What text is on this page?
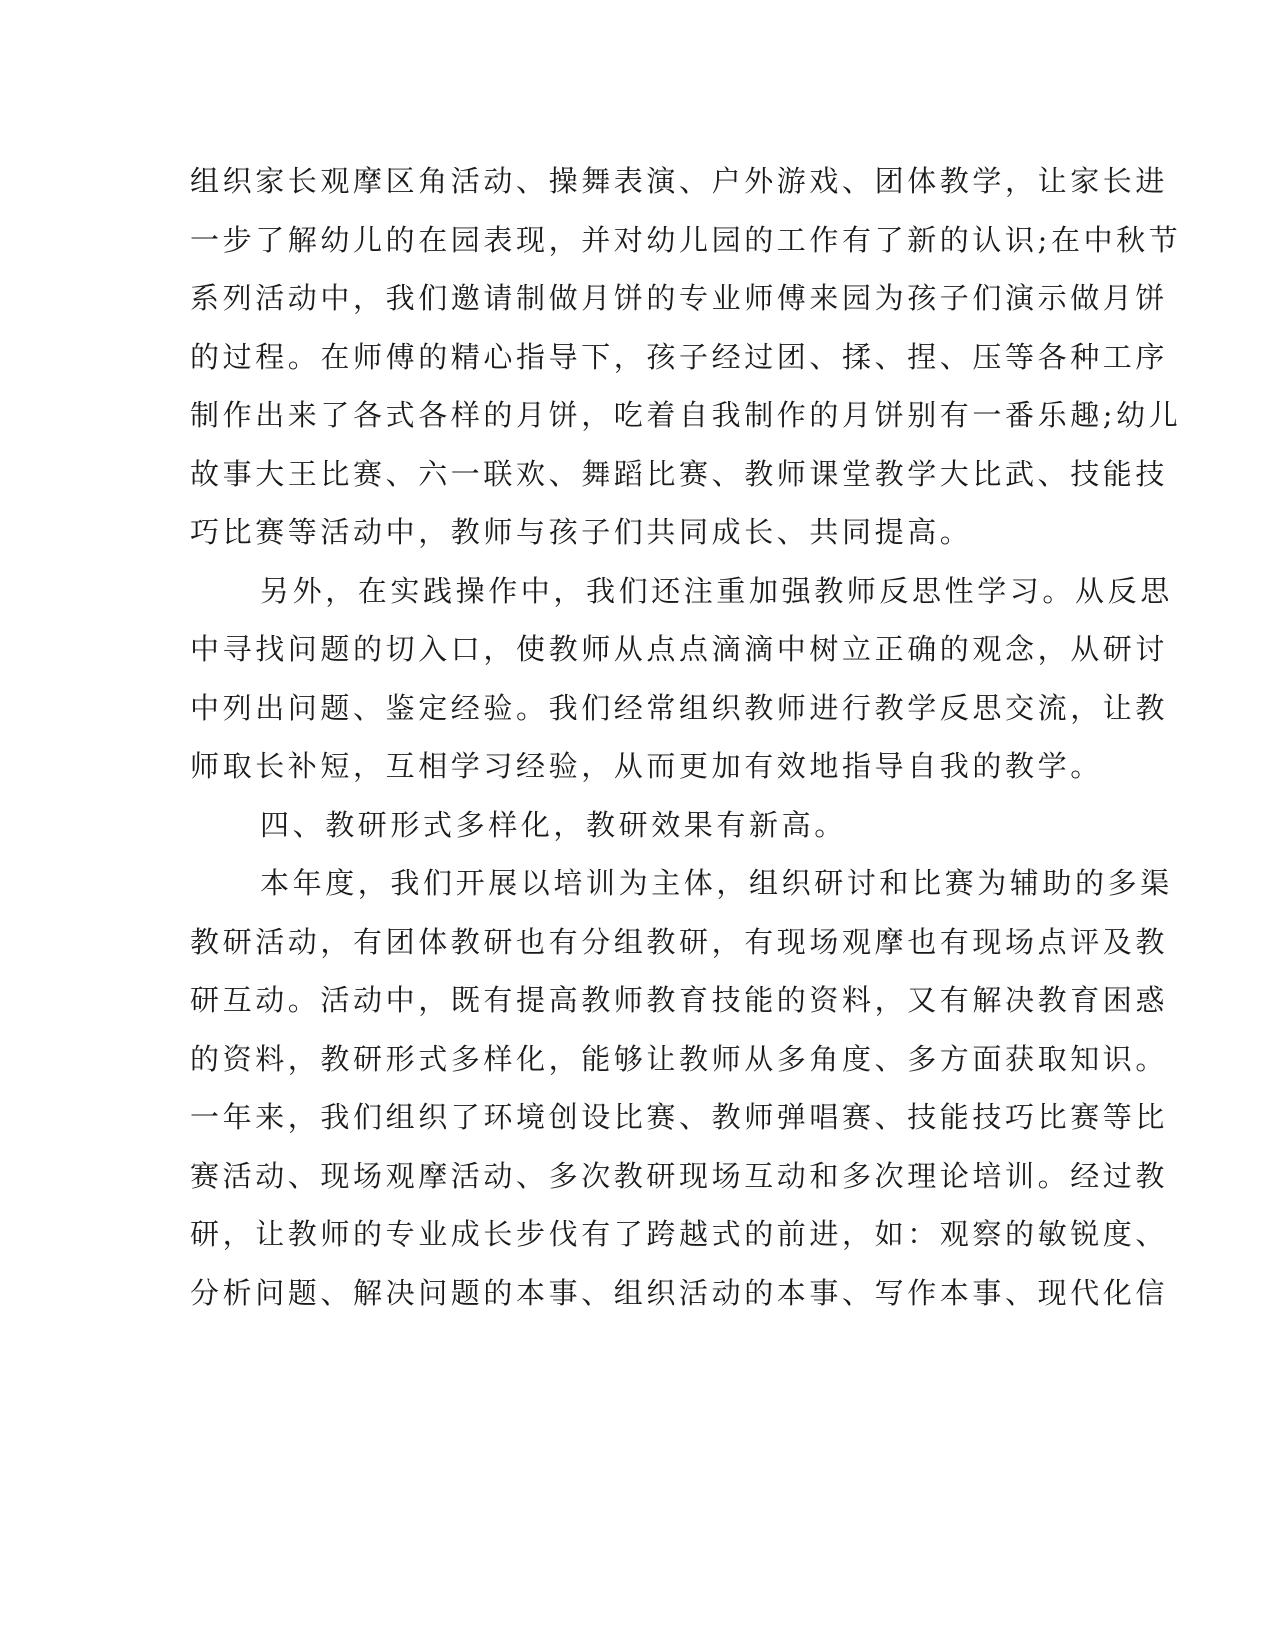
组织家长观摩区角活动、操舞表演、户外游戏、团体教学，让家长进
一步了解幼儿的在园表现，并对幼儿园的工作有了新的认识;在中秋节
系列活动中，我们邀请制做月饼的专业师傅来园为孩子们演示做月饼
的过程。在师傅的精心指导下，孩子经过团、揉、捏、压等各种工序
制作出来了各式各样的月饼，吃着自我制作的月饼别有一番乐趣;幼儿
故事大王比赛、六一联欢、舞蹈比赛、教师课堂教学大比武、技能技
巧比赛等活动中，教师与孩子们共同成长、共同提高。
另外，在实践操作中，我们还注重加强教师反思性学习。从反思
中寻找问题的切入口，使教师从点点滴滴中树立正确的观念，从研讨
中列出问题、鉴定经验。我们经常组织教师进行教学反思交流，让教
师取长补短，互相学习经验，从而更加有效地指导自我的教学。
四、教研形式多样化，教研效果有新高。
本年度，我们开展以培训为主体，组织研讨和比赛为辅助的多渠
教研活动，有团体教研也有分组教研，有现场观摩也有现场点评及教
研互动。活动中，既有提高教师教育技能的资料，又有解决教育困惑
的资料，教研形式多样化，能够让教师从多角度、多方面获取知识。
一年来，我们组织了环境创设比赛、教师弹唱赛、技能技巧比赛等比
赛活动、现场观摩活动、多次教研现场互动和多次理论培训。经过教
研，让教师的专业成长步伐有了跨越式的前进，如：观察的敏锐度、
分析问题、解决问题的本事、组织活动的本事、写作本事、现代化信
